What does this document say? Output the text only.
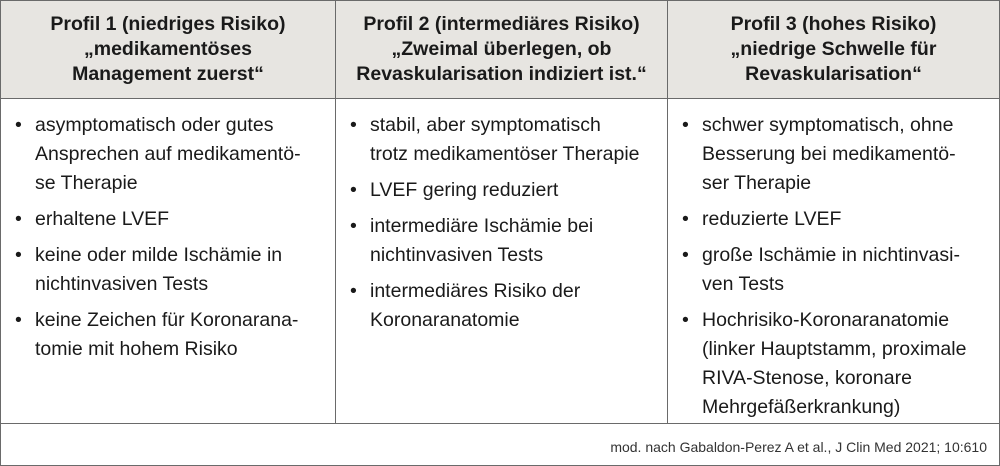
Profil 1 (niedriges Risiko)
„medikamentöses
Management zuerst“
Profil 2 (intermediäres Risiko)
„Zweimal überlegen, ob
Revaskularisation indiziert ist.“
Profil 3 (hohes Risiko)
„niedrige Schwelle für
Revaskularisation“
• asymptomatisch oder gutes
Ansprechen auf medikamentö-
se Therapie
• erhaltene LVEF
• keine oder milde Ischämie in
nichtinvasiven Tests
• keine Zeichen für Koronarana-
tomie mit hohem Risiko
• stabil, aber symptomatisch
trotz medikamentöser Therapie
• LVEF gering reduziert
• intermediäre Ischämie bei
nichtinvasiven Tests
• intermediäres Risiko der
Koronaranatomie
• schwer symptomatisch, ohne
Besserung bei medikamentö-
ser Therapie
• reduzierte LVEF
• große Ischämie in nichtinvasi-
ven Tests
• Hochrisiko-Koronaranatomie
(linker Hauptstamm, proximale
RIVA-Stenose, koronare
Mehrgefäßerkrankung)
mod. nach Gabaldon-Perez A et al., J Clin Med 2021; 10:610
